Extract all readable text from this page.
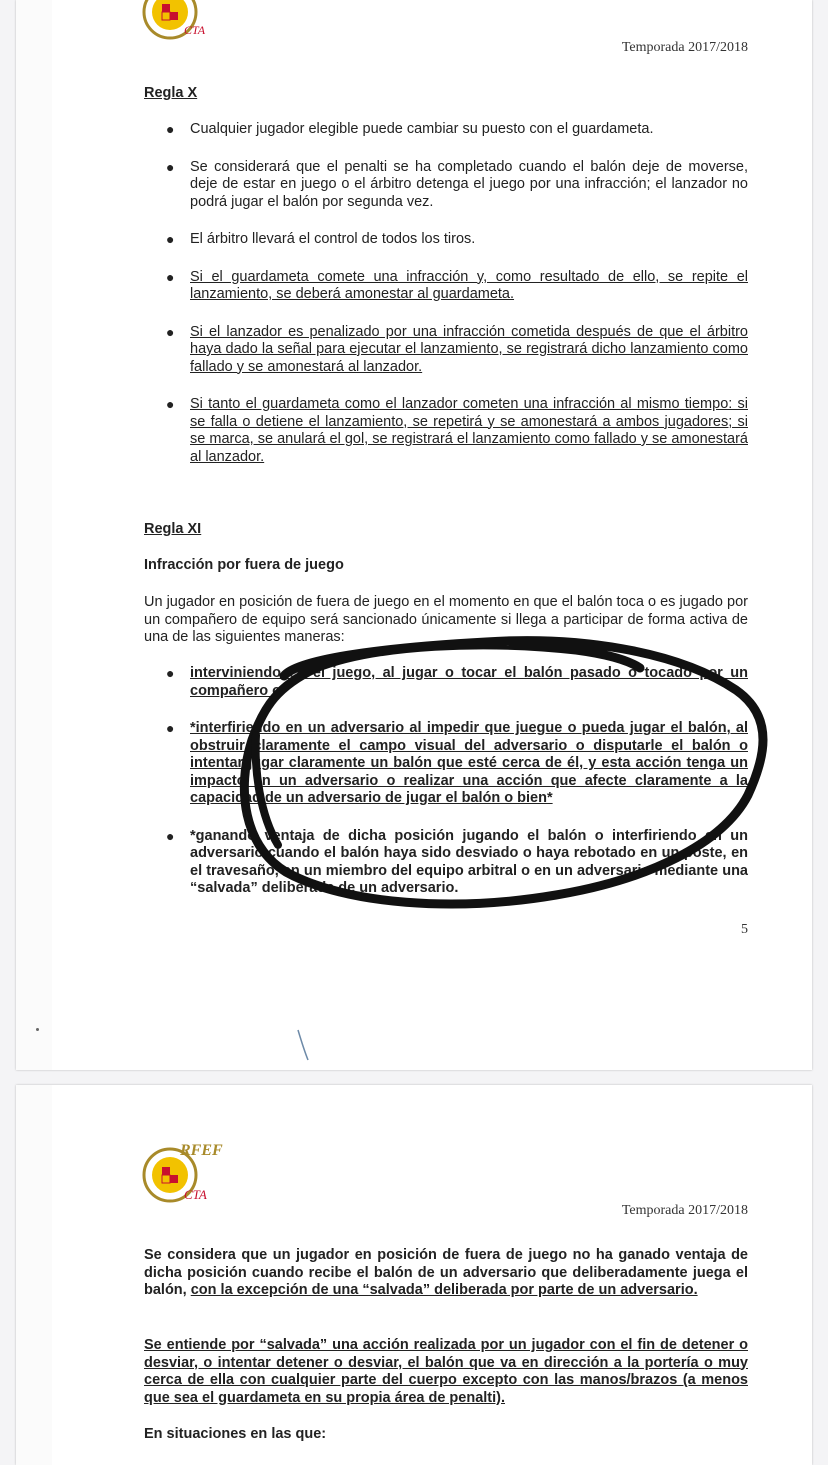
CTA
Temporada 2017/2018
Regla X
● Cualquier jugador elegible puede cambiar su puesto con el guardameta.
● Se considerará que el penalti se ha completado cuando el balón deje de moverse, deje de estar en juego o el árbitro detenga el juego por una infracción; el lanzador no podrá jugar el balón por segunda vez.
● El árbitro llevará el control de todos los tiros.
● Si el guardameta comete una infracción y, como resultado de ello, se repite el lanzamiento, se deberá amonestar al guardameta.
● Si el lanzador es penalizado por una infracción cometida después de que el árbitro haya dado la señal para ejecutar el lanzamiento, se registrará dicho lanzamiento como fallado y se amonestará al lanzador.
● Si tanto el guardameta como el lanzador cometen una infracción al mismo tiempo: si se falla o detiene el lanzamiento, se repetirá y se amonestará a ambos jugadores; si se marca, se anulará el gol, se registrará el lanzamiento como fallado y se amonestará al lanzador.
Regla XI
Infracción por fuera de juego
Un jugador en posición de fuera de juego en el momento en que el balón toca o es jugado por un compañero de equipo será sancionado únicamente si llega a participar de forma activa de una de las siguientes maneras:
● interviniendo en el juego, al jugar o tocar el balón pasado o tocado por un compañero o
● *interfiriendo en un adversario al impedir que juegue o pueda jugar el balón, al obstruir claramente el campo visual del adversario o disputarle el balón o intentar jugar claramente un balón que esté cerca de él, y esta acción tenga un impacto en un adversario o realizar una acción que afecte claramente a la capacidad de un adversario de jugar el balón o bien*
● *ganando ventaja de dicha posición jugando el balón o interfiriendo en un adversario cuando el balón haya sido desviado o haya rebotado en un poste, en el travesaño, en un miembro del equipo arbitral o en un adversario mediante una “salvada” deliberada de un adversario.
5
RFEF
CTA
Temporada 2017/2018
Se considera que un jugador en posición de fuera de juego no ha ganado ventaja de dicha posición cuando recibe el balón de un adversario que deliberadamente juega el balón, con la excepción de una “salvada” deliberada por parte de un adversario.
Se entiende por “salvada” una acción realizada por un jugador con el fin de detener o desviar, o intentar detener o desviar, el balón que va en dirección a la portería o muy cerca de ella con cualquier parte del cuerpo excepto con las manos/brazos (a menos que sea el guardameta en su propia área de penalti).
En situaciones en las que:
